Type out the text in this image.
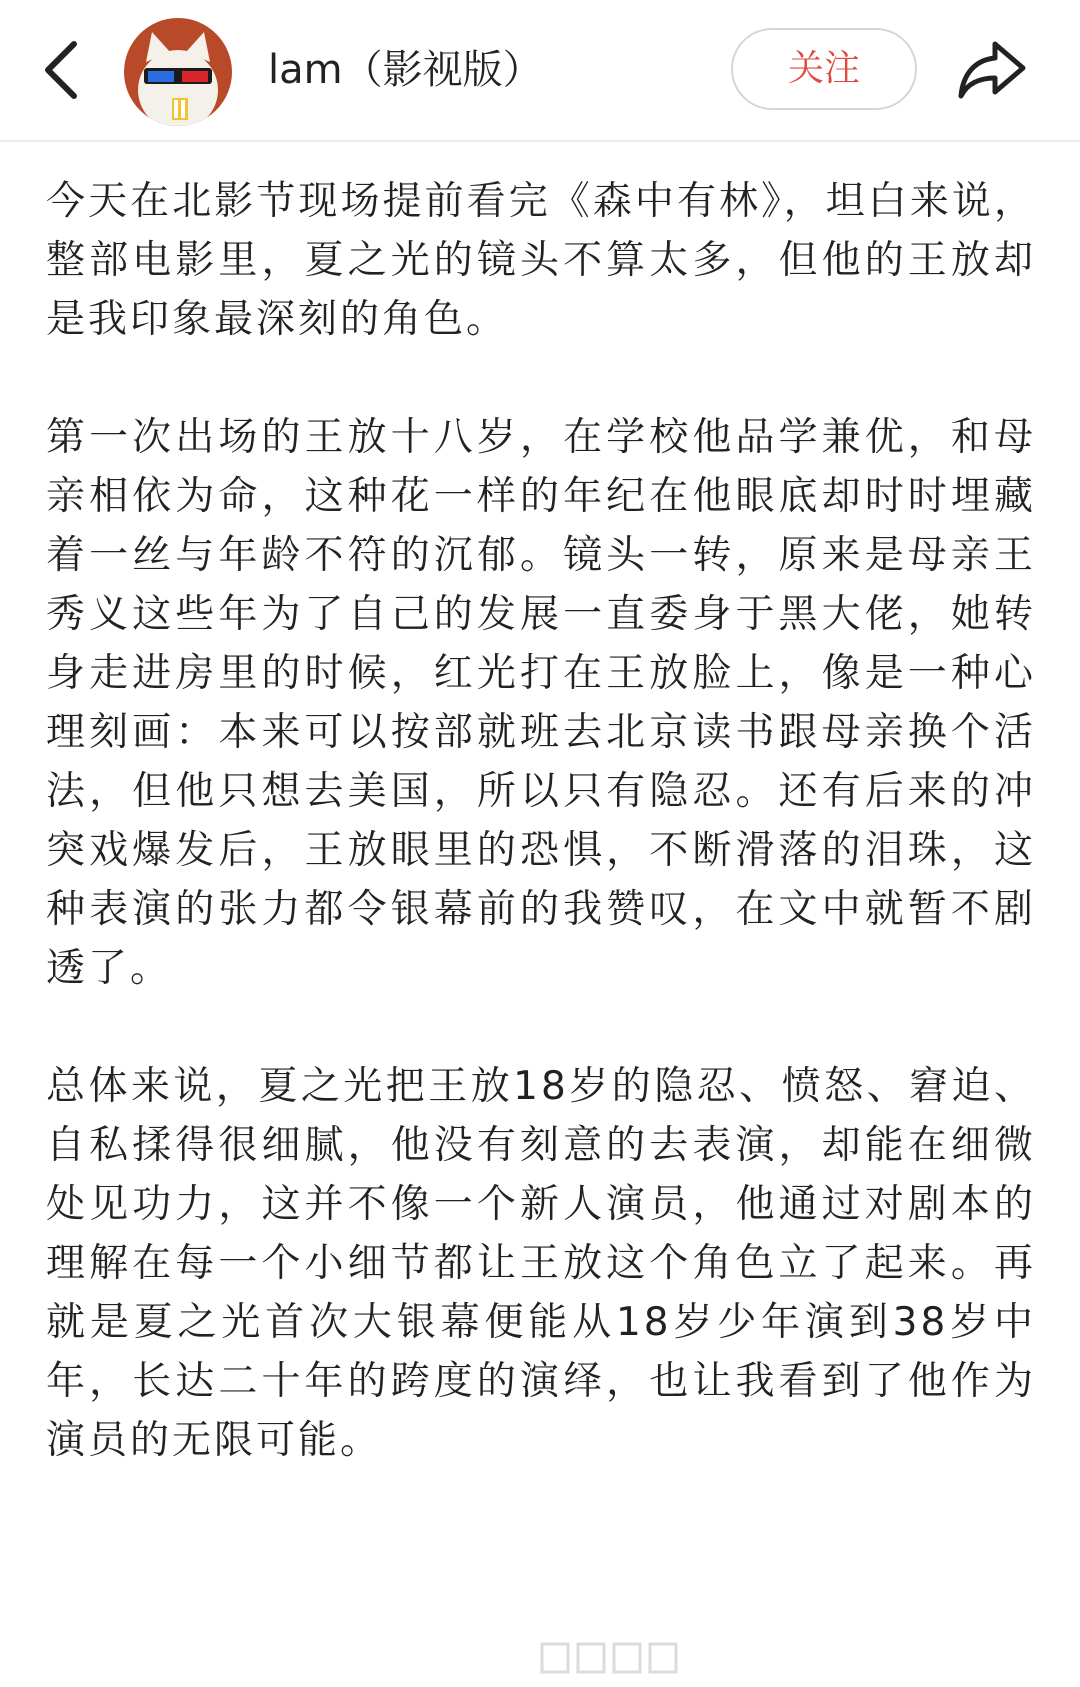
lam（影视版）	关注

今天在北影节现场提前看完《森中有林》，坦白来说，整部电影里，夏之光的镜头不算太多，但他的王放却是我印象最深刻的角色。

第一次出场的王放十八岁，在学校他品学兼优，和母亲相依为命，这种花一样的年纪在他眼底却时时埋藏着一丝与年龄不符的沉郁。镜头一转，原来是母亲王秀义这些年为了自己的发展一直委身于黑大佬，她转身走进房里的时候，红光打在王放脸上，像是一种心理刻画：本来可以按部就班去北京读书跟母亲换个活法，但他只想去美国，所以只有隐忍。还有后来的冲突戏爆发后，王放眼里的恐惧，不断滑落的泪珠，这种表演的张力都令银幕前的我赞叹，在文中就暂不剧透了。

总体来说，夏之光把王放18岁的隐忍、愤怒、窘迫、自私揉得很细腻，他没有刻意的去表演，却能在细微处见功力，这并不像一个新人演员，他通过对剧本的理解在每一个小细节都让王放这个角色立了起来。再就是夏之光首次大银幕便能从18岁少年演到38岁中年，长达二十年的跨度的演绎，也让我看到了他作为演员的无限可能。
